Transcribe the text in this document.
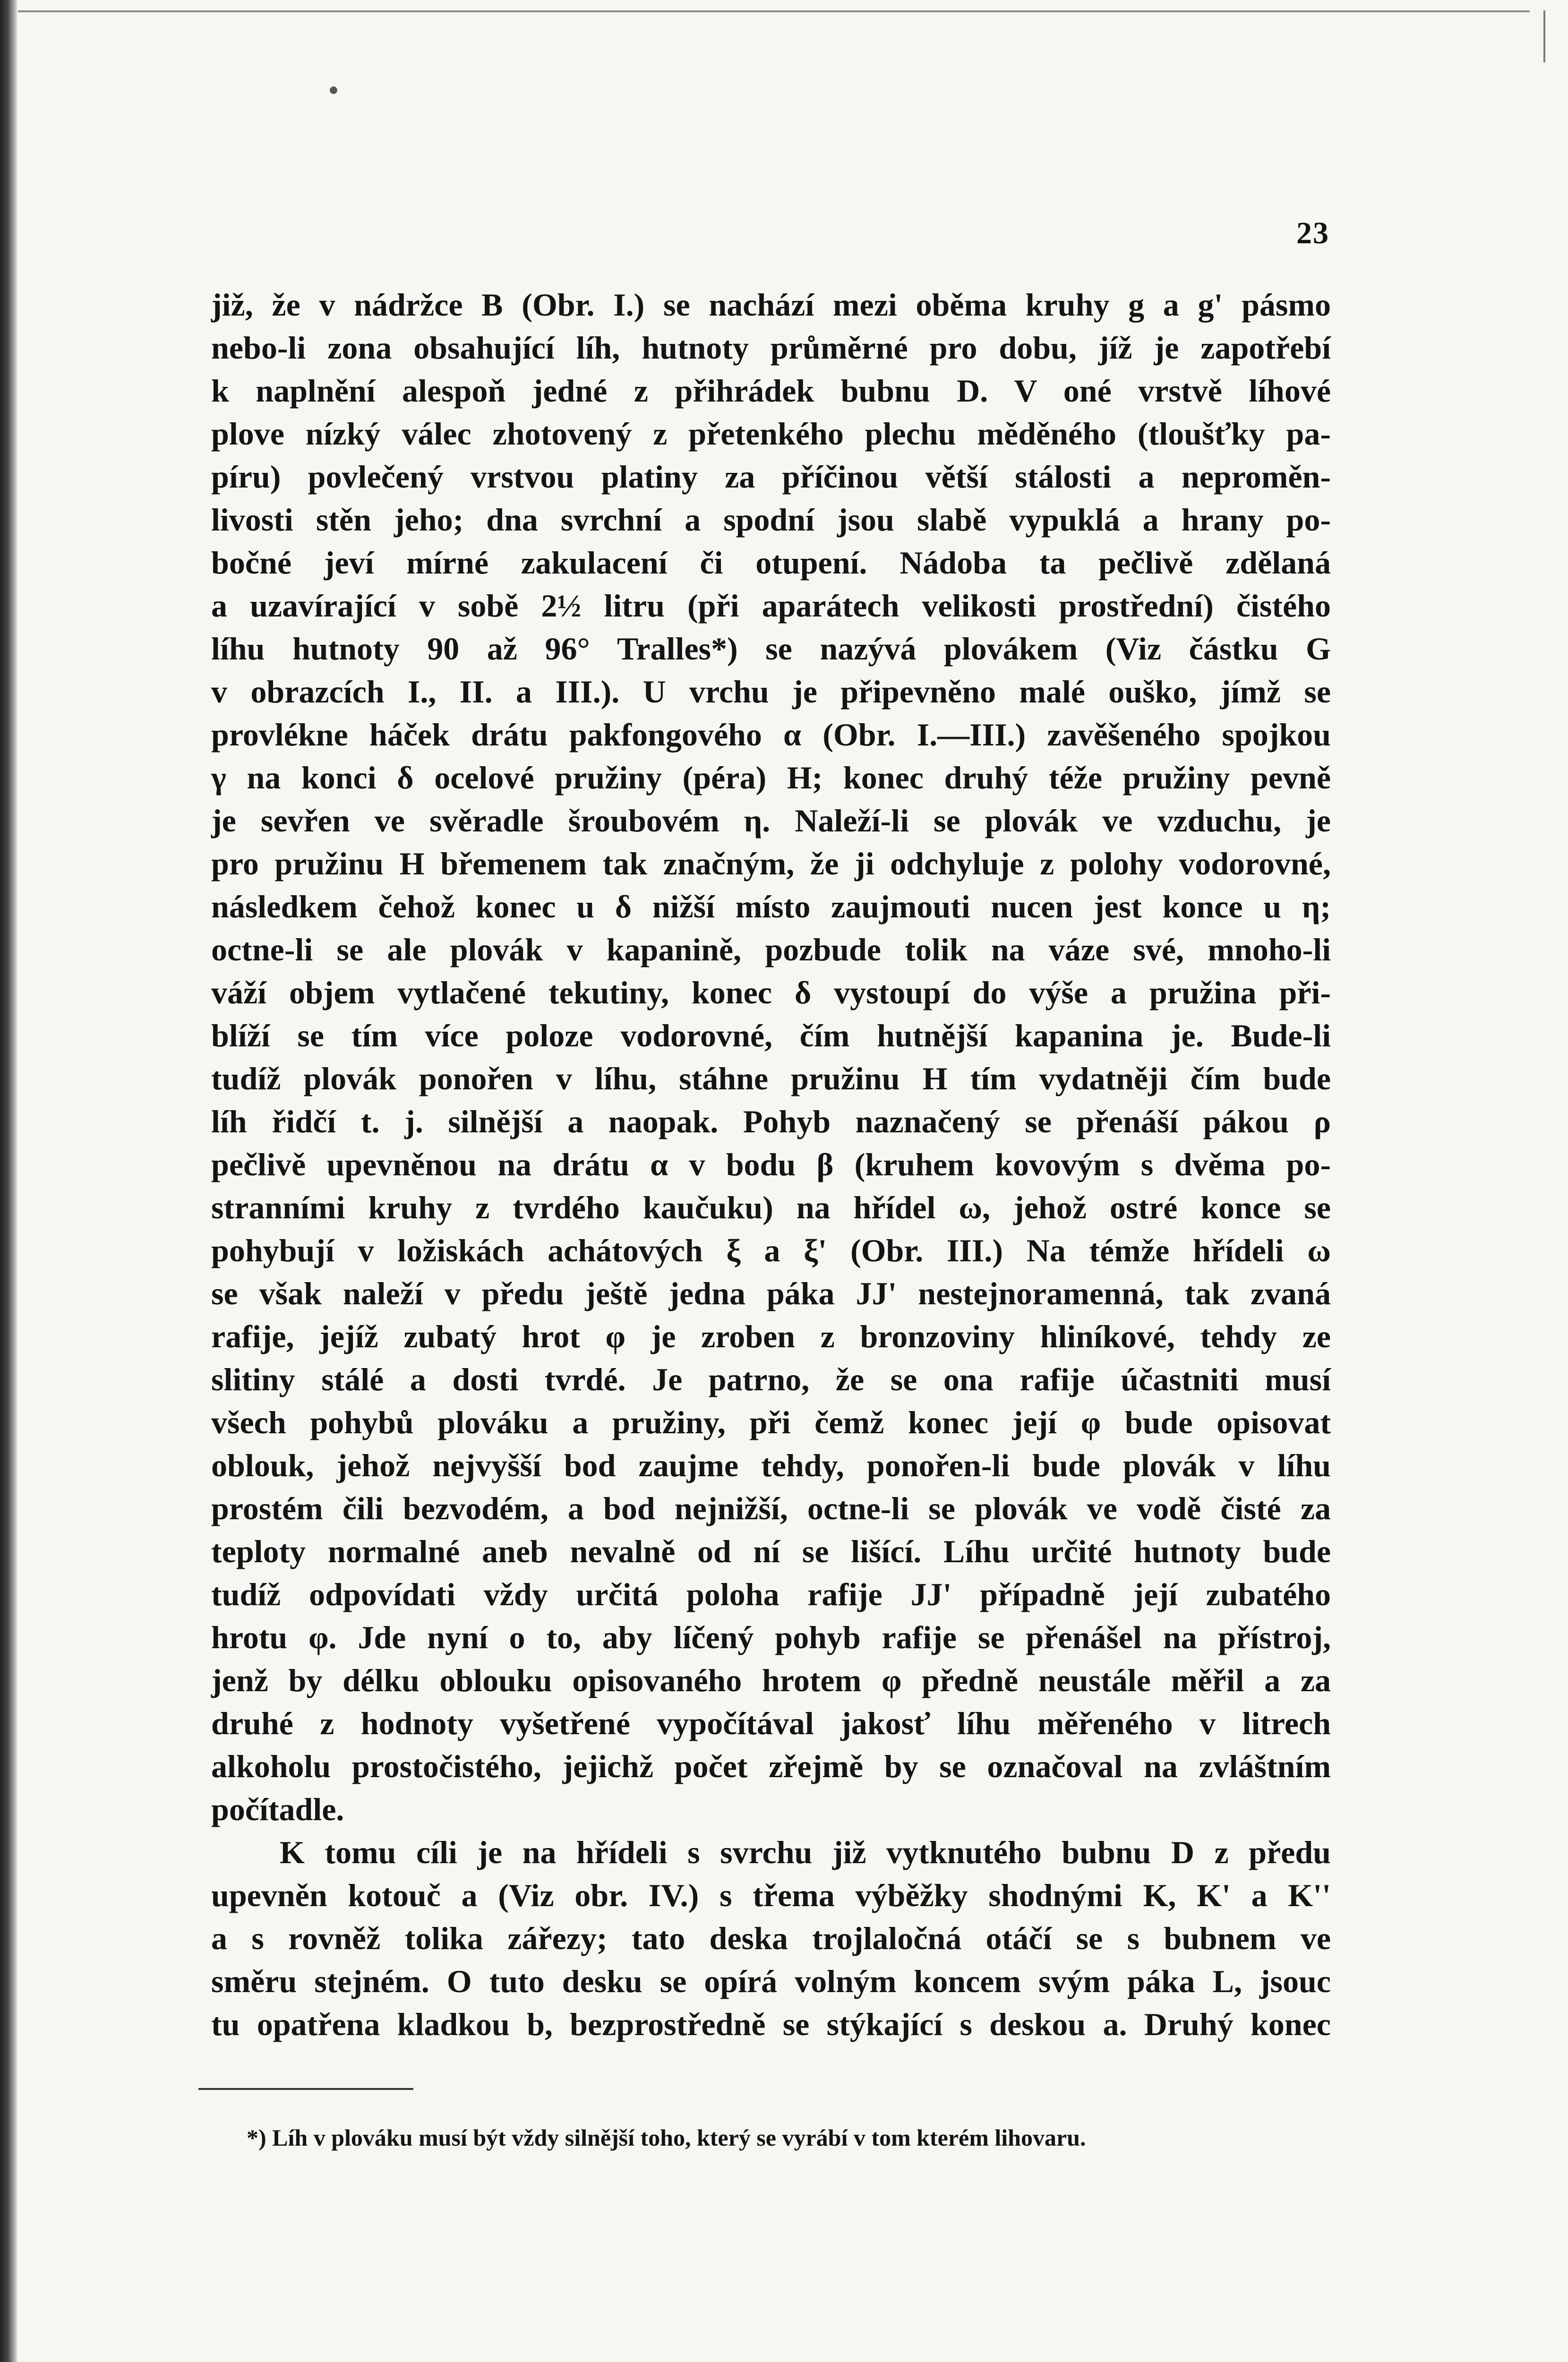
23
již, že v nádržce B (Obr. I.) se nachází mezi oběma kruhy g a g' pásmo
nebo-li zona obsahující líh, hutnoty průměrné pro dobu, jíž je zapotřebí
k naplnění alespoň jedné z přihrádek bubnu D. V oné vrstvě líhové
plove nízký válec zhotovený z přetenkého plechu měděného (tloušťky pa-
píru) povlečený vrstvou platiny za příčinou větší stálosti a neproměn-
livosti stěn jeho; dna svrchní a spodní jsou slabě vypuklá a hrany po-
bočné jeví mírné zakulacení či otupení. Nádoba ta pečlivě zdělaná
a uzavírající v sobě 2½ litru (při aparátech velikosti prostřední) čistého
líhu hutnoty 90 až 96° Tralles*) se nazývá plovákem (Viz částku G
v obrazcích I., II. a III.). U vrchu je připevněno malé ouško, jímž se
provlékne háček drátu pakfongového α (Obr. I.—III.) zavěšeného spojkou
γ na konci δ ocelové pružiny (péra) H; konec druhý téže pružiny pevně
je sevřen ve svěradle šroubovém η. Naleží-li se plovák ve vzduchu, je
pro pružinu H břemenem tak značným, že ji odchyluje z polohy vodorovné,
následkem čehož konec u δ nižší místo zaujmouti nucen jest konce u η;
octne-li se ale plovák v kapanině, pozbude tolik na váze své, mnoho-li
váží objem vytlačené tekutiny, konec δ vystoupí do výše a pružina při-
blíží se tím více poloze vodorovné, čím hutnější kapanina je. Bude-li
tudíž plovák ponořen v líhu, stáhne pružinu H tím vydatněji čím bude
líh řidčí t. j. silnější a naopak. Pohyb naznačený se přenáší pákou ρ
pečlivě upevněnou na drátu α v bodu β (kruhem kovovým s dvěma po-
stranními kruhy z tvrdého kaučuku) na hřídel ω, jehož ostré konce se
pohybují v ložiskách achátových ξ a ξ' (Obr. III.) Na témže hřídeli ω
se však naleží v předu ještě jedna páka JJ' nestejnoramenná, tak zvaná
rafije, jejíž zubatý hrot φ je zroben z bronzoviny hliníkové, tehdy ze
slitiny stálé a dosti tvrdé. Je patrno, že se ona rafije účastniti musí
všech pohybů plováku a pružiny, při čemž konec její φ bude opisovat
oblouk, jehož nejvyšší bod zaujme tehdy, ponořen-li bude plovák v líhu
prostém čili bezvodém, a bod nejnižší, octne-li se plovák ve vodě čisté za
teploty normalné aneb nevalně od ní se lišící. Líhu určité hutnoty bude
tudíž odpovídati vždy určitá poloha rafije JJ' případně její zubatého
hrotu φ. Jde nyní o to, aby líčený pohyb rafije se přenášel na přístroj,
jenž by délku oblouku opisovaného hrotem φ předně neustále měřil a za
druhé z hodnoty vyšetřené vypočítával jakosť líhu měřeného v litrech
alkoholu prostočistého, jejichž počet zřejmě by se označoval na zvláštním
počítadle.
K tomu cíli je na hřídeli s svrchu již vytknutého bubnu D z předu
upevněn kotouč a (Viz obr. IV.) s třema výběžky shodnými K, K' a K''
a s rovněž tolika zářezy; tato deska trojlaločná otáčí se s bubnem ve
směru stejném. O tuto desku se opírá volným koncem svým páka L, jsouc
tu opatřena kladkou b, bezprostředně se stýkající s deskou a. Druhý konec
*) Líh v plováku musí být vždy silnější toho, který se vyrábí v tom kterém lihovaru.
